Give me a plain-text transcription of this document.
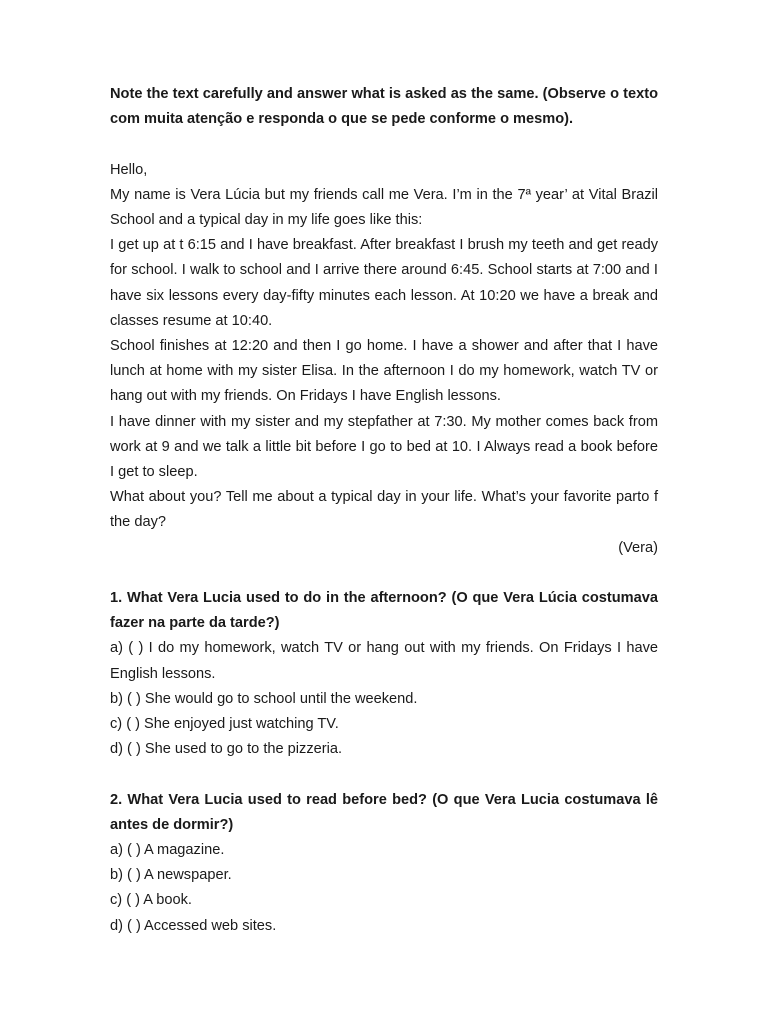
Note the text carefully and answer what is asked as the same. (Observe o texto com muita atenção e responda o que se pede conforme o mesmo).

Hello,

My name is Vera Lúcia but my friends call me Vera. I’m in the 7ª year’ at Vital Brazil School and a typical day in my life goes like this:

I get up at t 6:15 and I have breakfast. After breakfast I brush my teeth and get ready for school. I walk to school and I arrive there around 6:45. School starts at 7:00 and I have six lessons every day-fifty minutes each lesson. At 10:20 we have a break and classes resume at 10:40.

School finishes at 12:20 and then I go home. I have a shower and after that I have lunch at home with my sister Elisa. In the afternoon I do my homework, watch TV or hang out with my friends. On Fridays I have English lessons.

I have dinner with my sister and my stepfather at 7:30. My mother comes back from work at 9 and we talk a little bit before I go to bed at 10. I Always read a book before I get to sleep.

What about you? Tell me about a typical day in your life. What’s your favorite parto f the day?

(Vera)

1. What Vera Lucia used to do in the afternoon? (O que Vera Lúcia costumava fazer na parte da tarde?)

a) ( ) I do my homework, watch TV or hang out with my friends. On Fridays I have English lessons.

b) ( ) She would go to school until the weekend.

c) ( ) She enjoyed just watching TV.

d) ( ) She used to go to the pizzeria.

2. What Vera Lucia used to read before bed? (O que Vera Lucia costumava lê antes de dormir?)

a) ( ) A magazine.

b) ( ) A newspaper.

c) ( ) A book.

d) ( ) Accessed web sites.
